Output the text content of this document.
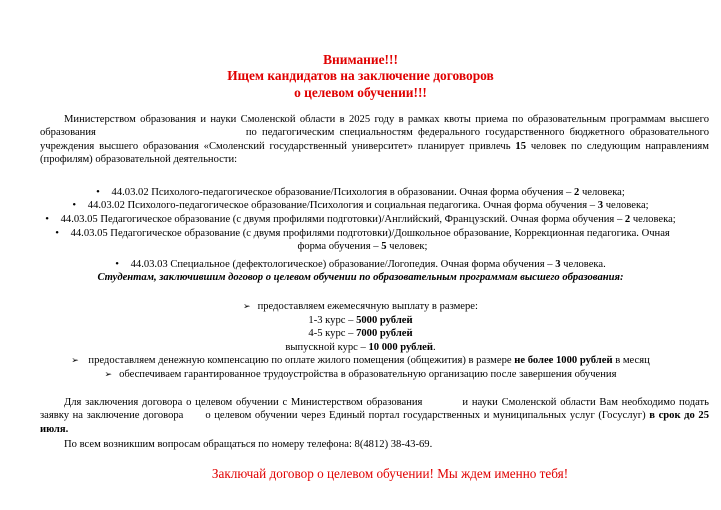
Внимание!!!
Ищем кандидатов на заключение договоров
о целевом обучении!!!
Министерством образования и науки Смоленской области в 2025 году в рамках квоты приема по образовательным программам высшего образования	по педагогическим специальностям федерального государственного бюджетного образовательного учреждения высшего образования «Смоленский государственный университет» планирует привлечь 15 человек по следующим направлениям (профилям) образовательной деятельности:
• 44.03.02 Психолого-педагогическое образование/Психология в образовании. Очная форма обучения – 2 человека;
• 44.03.02 Психолого-педагогическое образование/Психология и социальная педагогика. Очная форма обучения – 3 человека;
• 44.03.05 Педагогическое образование (с двумя профилями подготовки)/Английский, Французский. Очная форма обучения – 2 человека;
• 44.03.05 Педагогическое образование (с двумя профилями подготовки)/Дошкольное образование, Коррекционная педагогика. Очная форма обучения – 5 человек;
• 44.03.03 Специальное (дефектологическое) образование/Логопедия. Очная форма обучения – 3 человека.
Студентам, заключившим договор о целевом обучении по образовательным программам высшего образования:
➢ предоставляем ежемесячную выплату в размере:
1-3 курс – 5000 рублей
4-5 курс – 7000 рублей
выпускной курс – 10 000 рублей.
➢ предоставляем денежную компенсацию по оплате жилого помещения (общежития) в размере не более 1000 рублей в месяц
➢ обеспечиваем гарантированное трудоустройства в образовательную организацию после завершения обучения
Для заключения договора о целевом обучении с Министерством образования	и науки Смоленской области Вам необходимо подать заявку на заключение договора о целевом обучении через Единый портал государственных и муниципальных услуг (Госуслуг) в срок до 25 июля.
По всем возникшим вопросам обращаться по номеру телефона: 8(4812) 38-43-69.
Заключай договор о целевом обучении! Мы ждем именно тебя!
